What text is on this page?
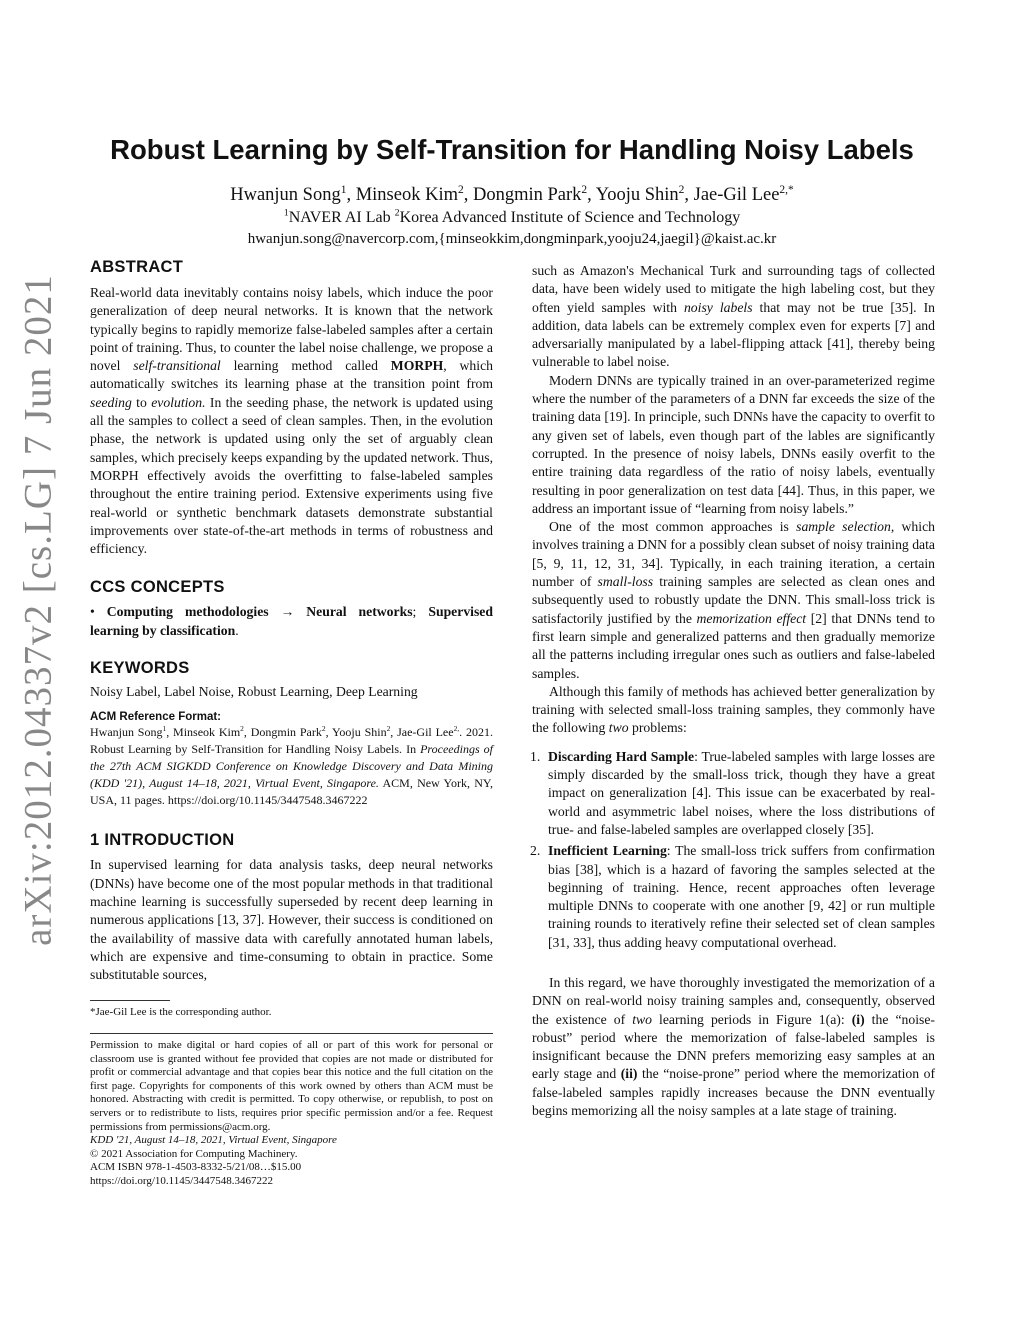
arXiv:2012.04337v2 [cs.LG] 7 Jun 2021
Robust Learning by Self-Transition for Handling Noisy Labels
Hwanjun Song$^1$, Minseok Kim$^2$, Dongmin Park$^2$, Yooju Shin$^2$, Jae-Gil Lee$^{2,*}$
$^1$NAVER AI Lab $^2$Korea Advanced Institute of Science and Technology
hwanjun.song@navercorp.com,{minseokkim,dongminpark,yooju24,jaegil}@kaist.ac.kr
ABSTRACT

Real-world data inevitably contains noisy labels, which induce the poor generalization of deep neural networks. It is known that the network typically begins to rapidly memorize false-labeled samples after a certain point of training. Thus, to counter the label noise challenge, we propose a novel self-transitional learning method called MORPH, which automatically switches its learning phase at the transition point from seeding to evolution. In the seeding phase, the network is updated using all the samples to collect a seed of clean samples. Then, in the evolution phase, the network is updated using only the set of arguably clean samples, which precisely keeps expanding by the updated network. Thus, MORPH effectively avoids the overfitting to false-labeled samples throughout the entire training period. Extensive experiments using five real-world or synthetic benchmark datasets demonstrate substantial improvements over state-of-the-art methods in terms of robustness and efficiency.

CCS CONCEPTS

• Computing methodologies → Neural networks; Supervised learning by classification.

KEYWORDS

Noisy Label, Label Noise, Robust Learning, Deep Learning

ACM Reference Format:

Hwanjun Song$^1$, Minseok Kim$^2$, Dongmin Park$^2$, Yooju Shin$^2$, Jae-Gil Lee$^{2,}$. 2021. Robust Learning by Self-Transition for Handling Noisy Labels. In Proceedings of the 27th ACM SIGKDD Conference on Knowledge Discovery and Data Mining (KDD '21), August 14–18, 2021, Virtual Event, Singapore. ACM, New York, NY, USA, 11 pages. https://doi.org/10.1145/3447548.3467222

1 INTRODUCTION

In supervised learning for data analysis tasks, deep neural networks (DNNs) have become one of the most popular methods in that traditional machine learning is successfully superseded by recent deep learning in numerous applications [13, 37]. However, their success is conditioned on the availability of massive data with carefully annotated human labels, which are expensive and time-consuming to obtain in practice. Some substitutable sources,

*Jae-Gil Lee is the corresponding author.

Permission to make digital or hard copies of all or part of this work for personal or classroom use is granted without fee provided that copies are not made or distributed for profit or commercial advantage and that copies bear this notice and the full citation on the first page. Copyrights for components of this work owned by others than ACM must be honored. Abstracting with credit is permitted. To copy otherwise, or republish, to post on servers or to redistribute to lists, requires prior specific permission and/or a fee. Request permissions from permissions@acm.org.

KDD '21, August 14–18, 2021, Virtual Event, Singapore

© 2021 Association for Computing Machinery.

ACM ISBN 978-1-4503-8332-5/21/08…$15.00

https://doi.org/10.1145/3447548.3467222

such as Amazon's Mechanical Turk and surrounding tags of collected data, have been widely used to mitigate the high labeling cost, but they often yield samples with noisy labels that may not be true [35]. In addition, data labels can be extremely complex even for experts [7] and adversarially manipulated by a label-flipping attack [41], thereby being vulnerable to label noise.

Modern DNNs are typically trained in an over-parameterized regime where the number of the parameters of a DNN far exceeds the size of the training data [19]. In principle, such DNNs have the capacity to overfit to any given set of labels, even though part of the lables are significantly corrupted. In the presence of noisy labels, DNNs easily overfit to the entire training data regardless of the ratio of noisy labels, eventually resulting in poor generalization on test data [44]. Thus, in this paper, we address an important issue of “learning from noisy labels.”

One of the most common approaches is sample selection, which involves training a DNN for a possibly clean subset of noisy training data [5, 9, 11, 12, 31, 34]. Typically, in each training iteration, a certain number of small-loss training samples are selected as clean ones and subsequently used to robustly update the DNN. This small-loss trick is satisfactorily justified by the memorization effect [2] that DNNs tend to first learn simple and generalized patterns and then gradually memorize all the patterns including irregular ones such as outliers and false-labeled samples.

Although this family of methods has achieved better generalization by training with selected small-loss training samples, they commonly have the following two problems:

1. Discarding Hard Sample: True-labeled samples with large losses are simply discarded by the small-loss trick, though they have a great impact on generalization [4]. This issue can be exacerbated by real-world and asymmetric label noises, where the loss distributions of true- and false-labeled samples are overlapped closely [35].

2. Inefficient Learning: The small-loss trick suffers from confirmation bias [38], which is a hazard of favoring the samples selected at the beginning of training. Hence, recent approaches often leverage multiple DNNs to cooperate with one another [9, 42] or run multiple training rounds to iteratively refine their selected set of clean samples [31, 33], thus adding heavy computational overhead.

In this regard, we have thoroughly investigated the memorization of a DNN on real-world noisy training samples and, consequently, observed the existence of two learning periods in Figure 1(a): (i) the “noise-robust” period where the memorization of false-labeled samples is insignificant because the DNN prefers memorizing easy samples at an early stage and (ii) the “noise-prone” period where the memorization of false-labeled samples rapidly increases because the DNN eventually begins memorizing all the noisy samples at a late stage of training.
